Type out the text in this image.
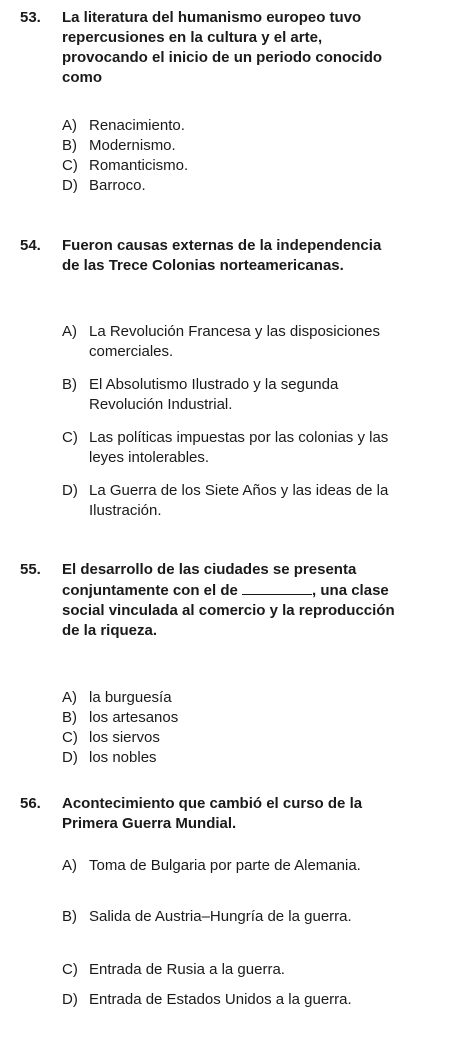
53. La literatura del humanismo europeo tuvo repercusiones en la cultura y el arte, provocando el inicio de un periodo conocido como
A) Renacimiento.
B) Modernismo.
C) Romanticismo.
D) Barroco.
54. Fueron causas externas de la independencia de las Trece Colonias norteamericanas.
A) La Revolución Francesa y las disposiciones comerciales.
B) El Absolutismo Ilustrado y la segunda Revolución Industrial.
C) Las políticas impuestas por las colonias y las leyes intolerables.
D) La Guerra de los Siete Años y las ideas de la Ilustración.
55. El desarrollo de las ciudades se presenta conjuntamente con el de	, una clase social vinculada al comercio y la reproducción de la riqueza.
A) la burguesía
B) los artesanos
C) los siervos
D) los nobles
56. Acontecimiento que cambió el curso de la Primera Guerra Mundial.
A) Toma de Bulgaria por parte de Alemania.
B) Salida de Austria–Hungría de la guerra.
C) Entrada de Rusia a la guerra.
D) Entrada de Estados Unidos a la guerra.
